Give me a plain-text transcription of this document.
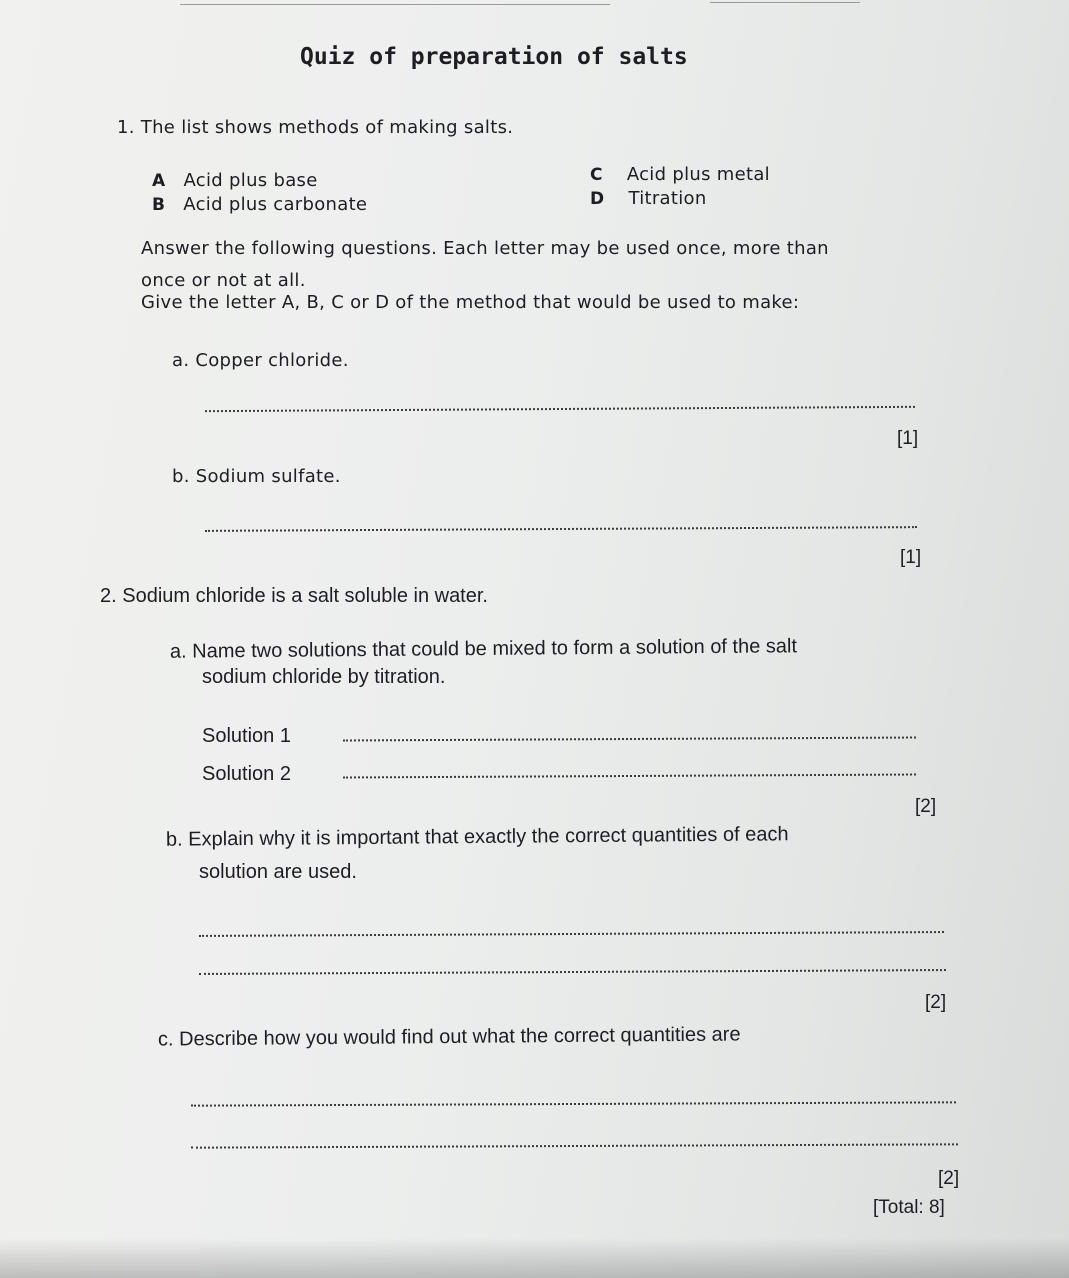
Quiz of preparation of salts
1. The list shows methods of making salts.
A Acid plus base
B Acid plus carbonate
C Acid plus metal
D Titration
Answer the following questions. Each letter may be used once, more than
once or not at all.
Give the letter A, B, C or D of the method that would be used to make:
a. Copper chloride.
[1]
b. Sodium sulfate.
[1]
2. Sodium chloride is a salt soluble in water.
a. Name two solutions that could be mixed to form a solution of the salt
sodium chloride by titration.
Solution 1
Solution 2
[2]
b. Explain why it is important that exactly the correct quantities of each
solution are used.
[2]
c. Describe how you would find out what the correct quantities are
[2]
[Total: 8]
